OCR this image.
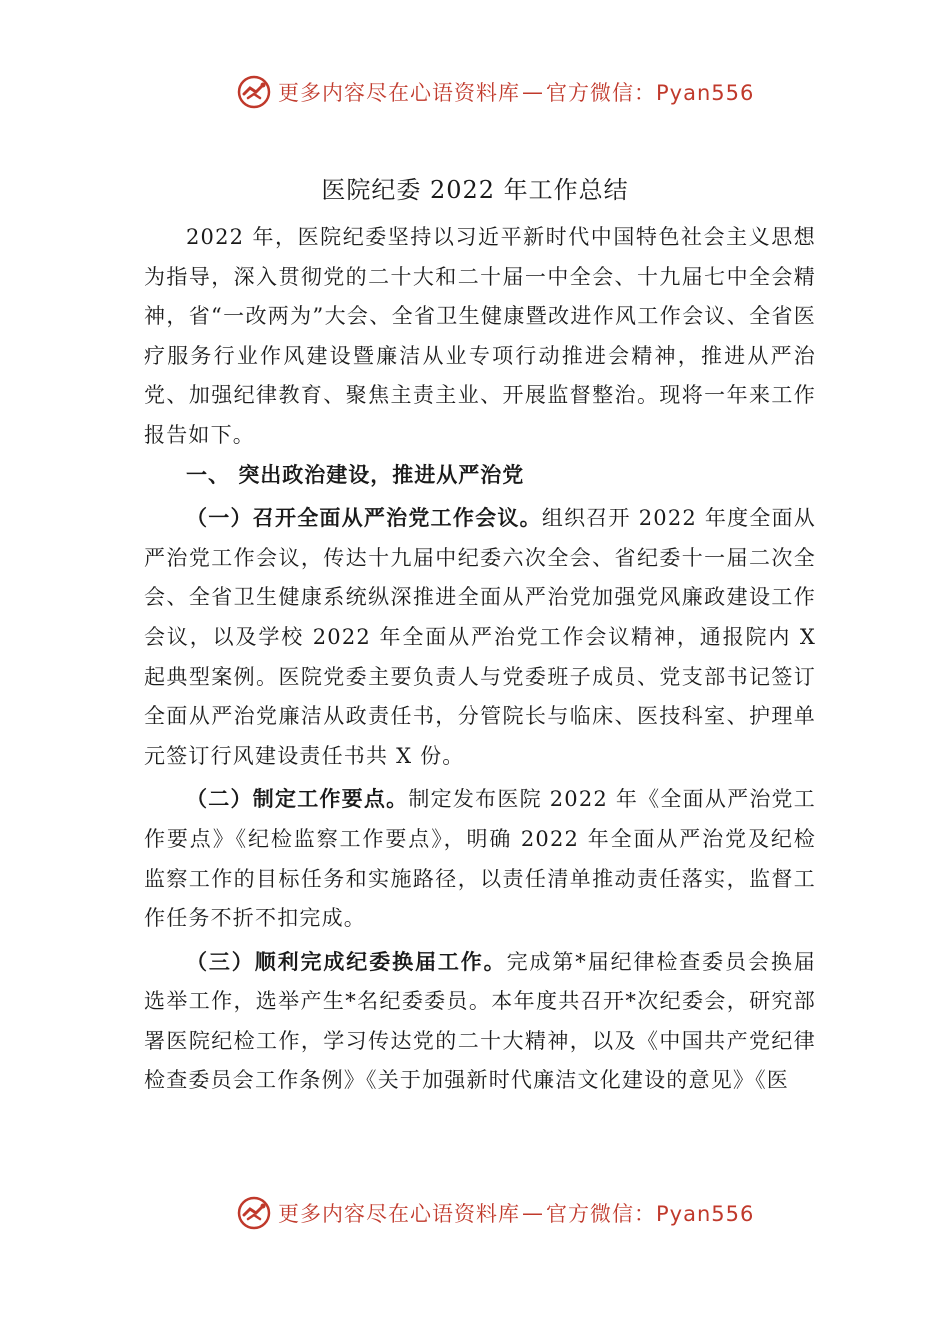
更多内容尽在心语资料库 — 官方微信：Pyan556
医院纪委 2022 年工作总结

2022 年，医院纪委坚持以习近平新时代中国特色社会主义思想为指导，深入贯彻党的二十大和二十届一中全会、十九届七中全会精神，省“一改两为”大会、全省卫生健康暨改进作风工作会议、全省医疗服务行业作风建设暨廉洁从业专项行动推进会精神，推进从严治党、加强纪律教育、聚焦主责主业、开展监督整治。现将一年来工作报告如下。

一、 突出政治建设，推进从严治党

（一）召开全面从严治党工作会议。组织召开 2022 年度全面从严治党工作会议，传达十九届中纪委六次全会、省纪委十一届二次全会、全省卫生健康系统纵深推进全面从严治党加强党风廉政建设工作会议，以及学校 2022 年全面从严治党工作会议精神，通报院内 X 起典型案例。医院党委主要负责人与党委班子成员、党支部书记签订全面从严治党廉洁从政责任书，分管院长与临床、医技科室、护理单元签订行风建设责任书共 X 份。

（二）制定工作要点。制定发布医院 2022 年《全面从严治党工作要点》《纪检监察工作要点》，明确 2022 年全面从严治党及纪检监察工作的目标任务和实施路径，以责任清单推动责任落实，监督工作任务不折不扣完成。

（三）顺利完成纪委换届工作。完成第*届纪律检查委员会换届选举工作，选举产生*名纪委委员。本年度共召开*次纪委会，研究部署医院纪检工作，学习传达党的二十大精神，以及《中国共产党纪律检查委员会工作条例》《关于加强新时代廉洁文化建设的意见》《医

更多内容尽在心语资料库 — 官方微信：Pyan556
